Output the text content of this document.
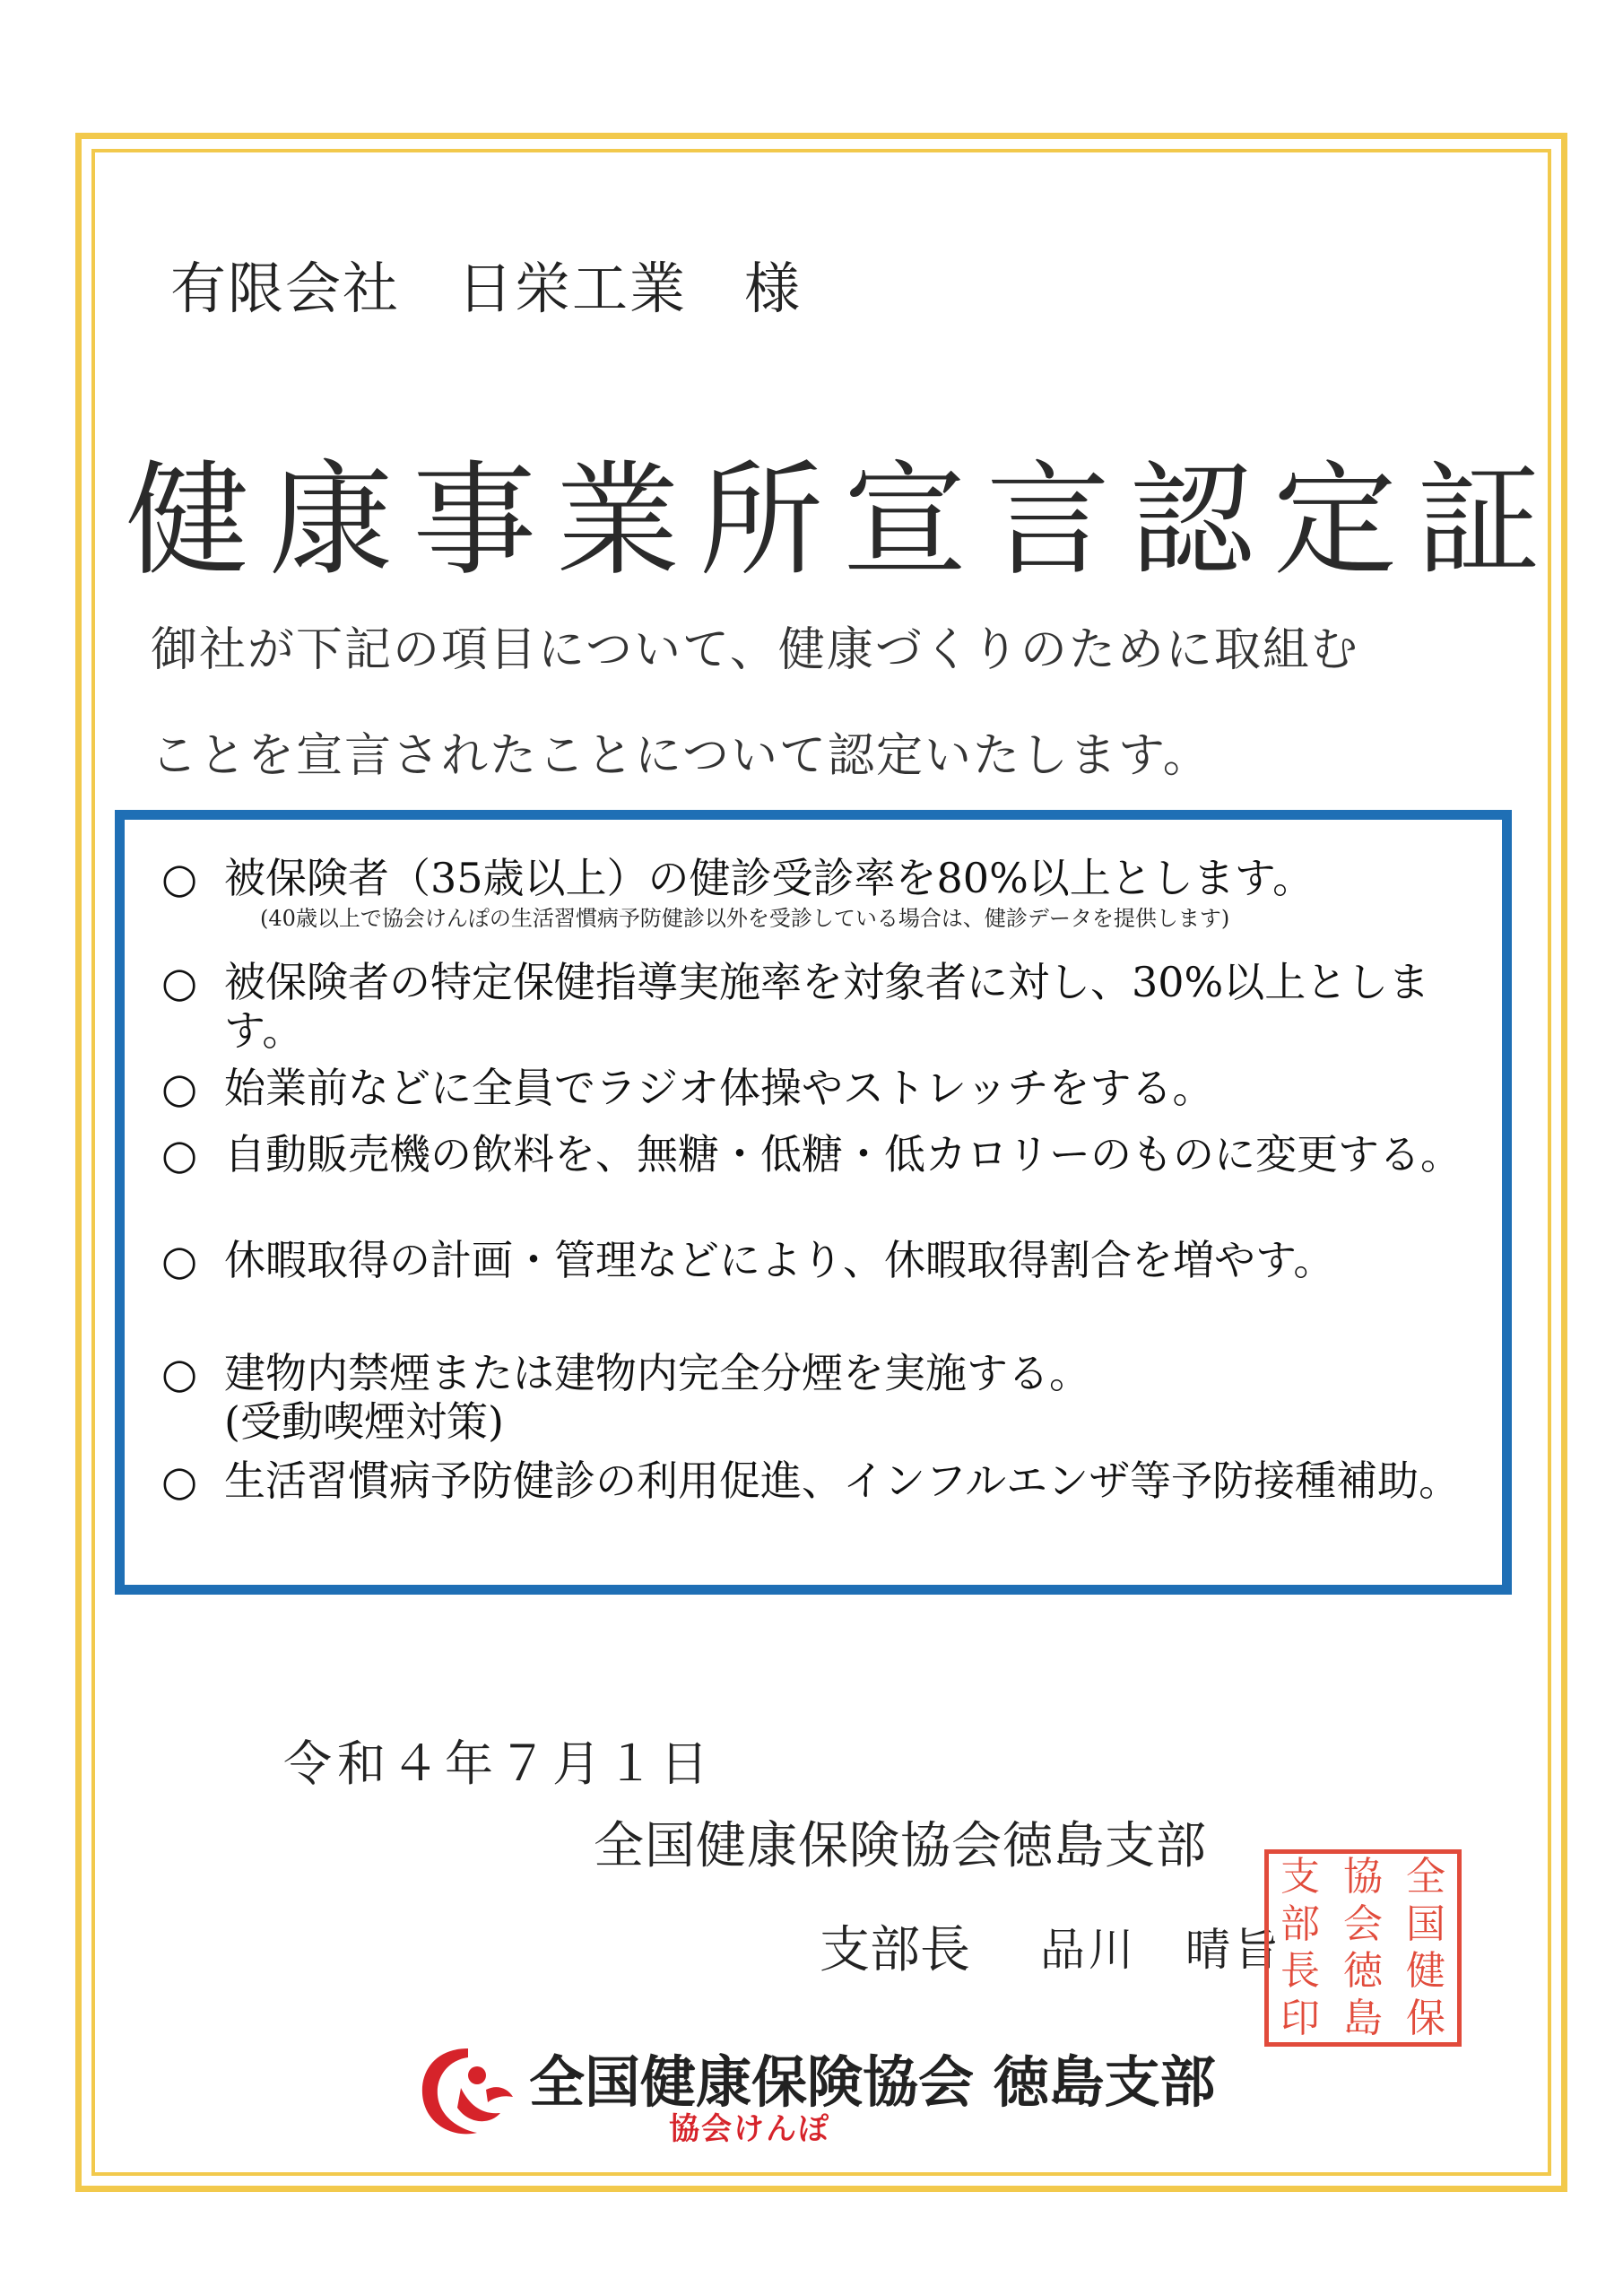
有限会社　日栄工業　様
健康事業所宣言認定証
御社が下記の項目について、健康づくりのために取組む
ことを宣言されたことについて認定いたします。
○ 被保険者（35歳以上）の健診受診率を80%以上とします。
(40歳以上で協会けんぽの生活習慣病予防健診以外を受診している場合は、健診データを提供します)
○ 被保険者の特定保健指導実施率を対象者に対し、30%以上とします。
○ 始業前などに全員でラジオ体操やストレッチをする。
○ 自動販売機の飲料を、無糖・低糖・低カロリーのものに変更する。
○ 休暇取得の計画・管理などにより、休暇取得割合を増やす。
○ 建物内禁煙または建物内完全分煙を実施する。
(受動喫煙対策)
○ 生活習慣病予防健診の利用促進、インフルエンザ等予防接種補助。
令和４年７月１日
全国健康保険協会徳島支部
支部長 品川　晴旨
支 協 全
部 会 国
長 徳 健
印 島 保
全国健康保険協会 徳島支部
協会けんぽ
